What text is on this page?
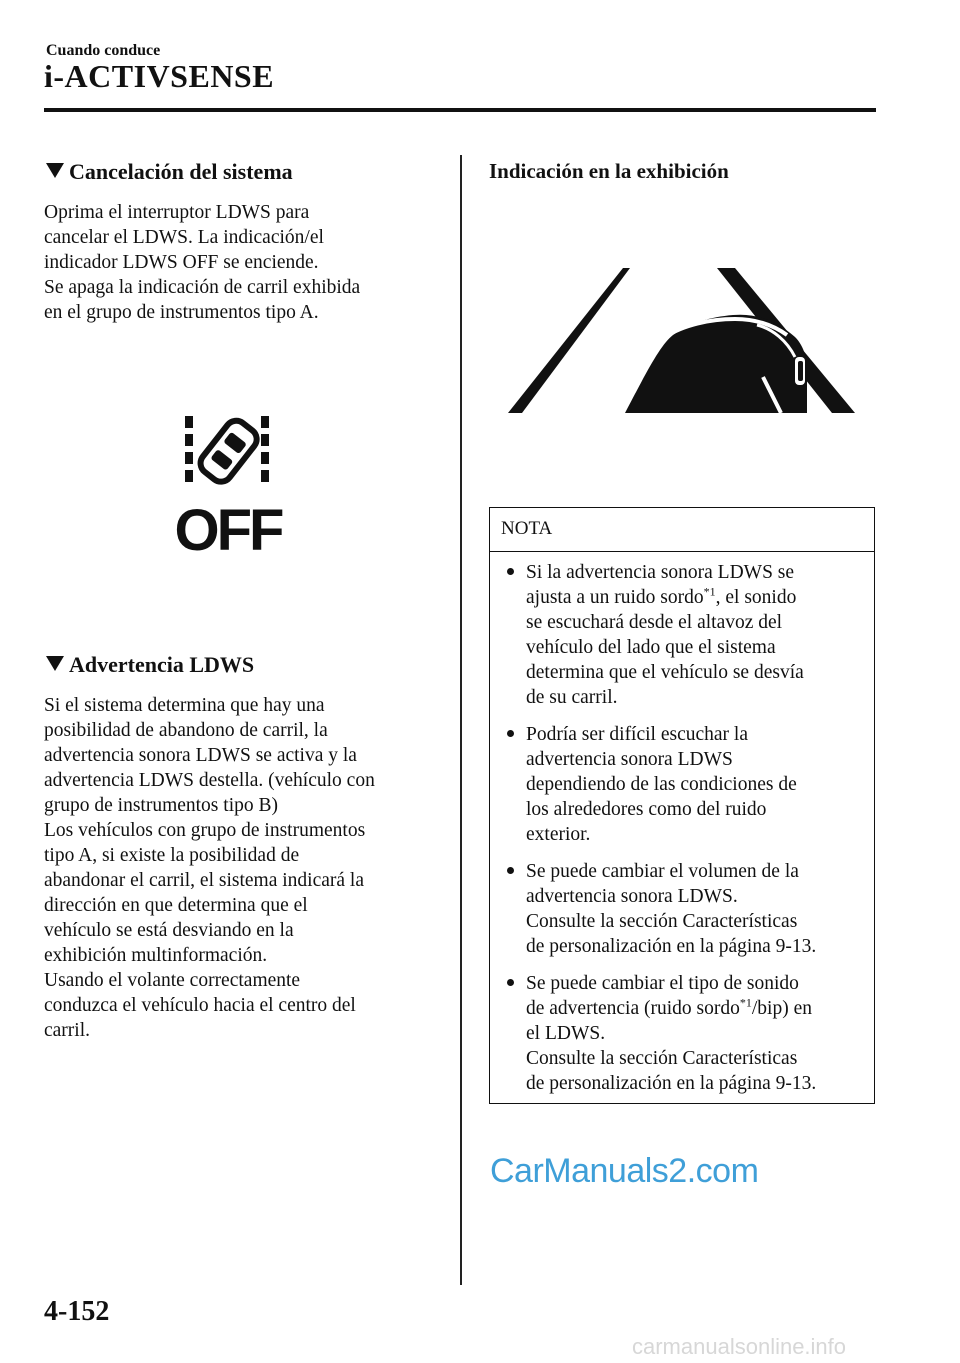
Cuando conduce
i-ACTIVSENSE
Cancelación del sistema
Oprima el interruptor LDWS para
cancelar el LDWS. La indicación/el
indicador LDWS OFF se enciende.
Se apaga la indicación de carril exhibida
en el grupo de instrumentos tipo A.
OFF
Advertencia LDWS
Si el sistema determina que hay una
posibilidad de abandono de carril, la
advertencia sonora LDWS se activa y la
advertencia LDWS destella. (vehículo con
grupo de instrumentos tipo B)
Los vehículos con grupo de instrumentos
tipo A, si existe la posibilidad de
abandonar el carril, el sistema indicará la
dirección en que determina que el
vehículo se está desviando en la
exhibición multinformación.
Usando el volante correctamente
conduzca el vehículo hacia el centro del
carril.
Indicación en la exhibición
NOTA
Si la advertencia sonora LDWS se
ajusta a un ruido sordo$^{*1}$, el sonido
se escuchará desde el altavoz del
vehículo del lado que el sistema
determina que el vehículo se desvía
de su carril.
Podría ser difícil escuchar la
advertencia sonora LDWS
dependiendo de las condiciones de
los alrededores como del ruido
exterior.
Se puede cambiar el volumen de la
advertencia sonora LDWS.
Consulte la sección Características
de personalización en la página 9-13.
Se puede cambiar el tipo de sonido
de advertencia (ruido sordo$^{*1}$/bip) en
el LDWS.
Consulte la sección Características
de personalización en la página 9-13.
CarManuals2.com
4-152
carmanualsonline.info
